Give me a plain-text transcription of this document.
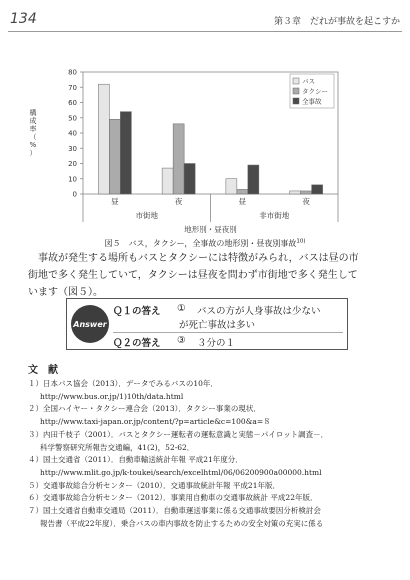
134	第３章　だれが事故を起こすか
0
10
20
30
40
50
60
70
80
構成率（%）
昼	夜	昼	夜
市街地	非市街地
地形別・昼夜別
バス
タクシー
全事故
図５　バス，タクシー，全事故の地形別・昼夜別事故$^{10)}$

事故が発生する場所もバスとタクシーには特徴がみられ，バスは昼の市

街地で多く発生していて，タクシーは昼夜を問わず市街地で多く発生して
います（図５）。
Answer
Ｑ１の答え ① バスの方が人身事故は少ない
が死亡事故は多い
Ｑ２の答え ③ ３分の１
文　献
１）日本バス協会（2013）．データでみるバスの10年．
http://www.bus.or.jp/1)10th/data.html
２）全国ハイヤー・タクシー連合会（2013）．タクシー事業の現状．
http://www.taxi-japan.or.jp/content/?p=article&c=100&a=８
３）内田千枝子（2001）．バスとタクシー運転者の運転意識と実態－パイロット調査－．
科学警察研究所報告交通編，41(2)，52-62．
４）国土交通省（2011）．自動車輸送統計年報 平成21年度分．
http://www.mlit.go.jp/k-toukei/search/excelhtml/06/06200900a00000.html
５）交通事故総合分析センター（2010）．交通事故統計年報 平成21年版．
６）交通事故総合分析センター（2012）．事業用自動車の交通事故統計 平成22年版．
７）国土交通省自動車交通局（2011）．自動車運送事業に係る交通事故要因分析検討会
報告書（平成22年度）．乗合バスの車内事故を防止するための安全対策の充実に係る
